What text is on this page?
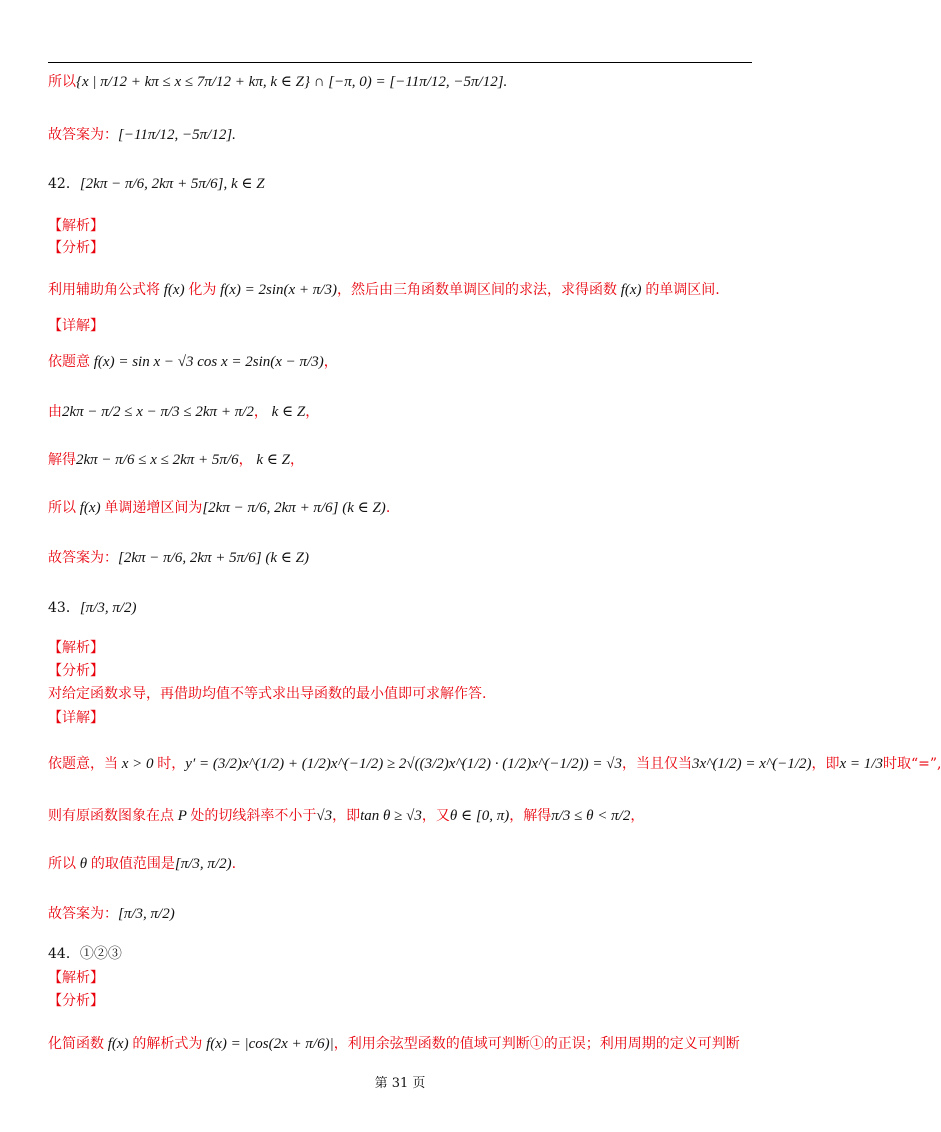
所以{x | π/12 + kπ ≤ x ≤ 7π/12 + kπ, k ∈ Z} ∩ [−π, 0) = [−11π/12, −5π/12].
故答案为：[−11π/12, −5π/12].
42．[2kπ − π/6, 2kπ + 5π/6], k ∈ Z
【解析】
【分析】
利用辅助角公式将 f(x) 化为 f(x) = 2sin(x + π/3)，然后由三角函数单调区间的求法，求得函数 f(x) 的单调区间.
【详解】
依题意 f(x) = sin x − √3 cos x = 2sin(x − π/3)，
由2kπ − π/2 ≤ x − π/3 ≤ 2kπ + π/2， k ∈ Z，
解得2kπ − π/6 ≤ x ≤ 2kπ + 5π/6， k ∈ Z，
所以 f(x) 单调递增区间为[2kπ − π/6, 2kπ + π/6] (k ∈ Z).
故答案为：[2kπ − π/6, 2kπ + 5π/6] (k ∈ Z)
43．[π/3, π/2)
【解析】
【分析】
对给定函数求导，再借助均值不等式求出导函数的最小值即可求解作答.
【详解】
依题意，当 x > 0 时，y′ = (3/2)x^(1/2) + (1/2)x^(−1/2) ≥ 2√((3/2)x^(1/2) · (1/2)x^(−1/2)) = √3，当且仅当3x^(1/2) = x^(−1/2)，即x = 1/3时取“=”,
则有原函数图象在点 P 处的切线斜率不小于√3，即tan θ ≥ √3，又θ ∈ [0, π)，解得π/3 ≤ θ < π/2，
所以 θ 的取值范围是[π/3, π/2).
故答案为：[π/3, π/2)
44．①②③
【解析】
【分析】
化简函数 f(x) 的解析式为 f(x) = |cos(2x + π/6)|，利用余弦型函数的值域可判断①的正误；利用周期的定义可判断
第 31 页
